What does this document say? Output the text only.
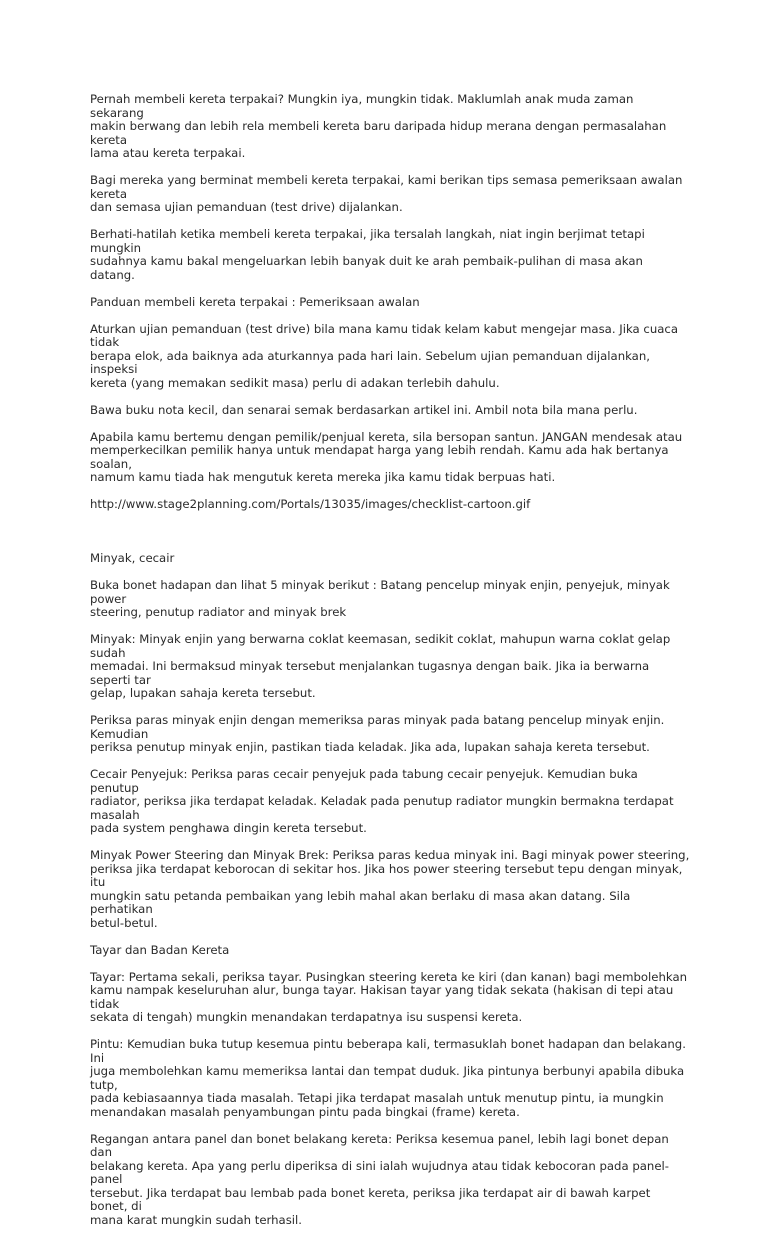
Pernah membeli kereta terpakai? Mungkin iya, mungkin tidak. Maklumlah anak muda zaman sekarang
makin berwang dan lebih rela membeli kereta baru daripada hidup merana dengan permasalahan kereta
lama atau kereta terpakai.

Bagi mereka yang berminat membeli kereta terpakai, kami berikan tips semasa pemeriksaan awalan kereta
dan semasa ujian pemanduan (test drive) dijalankan.

Berhati-hatilah ketika membeli kereta terpakai, jika tersalah langkah, niat ingin berjimat tetapi mungkin
sudahnya kamu bakal mengeluarkan lebih banyak duit ke arah pembaik-pulihan di masa akan datang.

Panduan membeli kereta terpakai : Pemeriksaan awalan

Aturkan ujian pemanduan (test drive) bila mana kamu tidak kelam kabut mengejar masa. Jika cuaca tidak
berapa elok, ada baiknya ada aturkannya pada hari lain. Sebelum ujian pemanduan dijalankan, inspeksi
kereta (yang memakan sedikit masa) perlu di adakan terlebih dahulu.

Bawa buku nota kecil, dan senarai semak berdasarkan artikel ini. Ambil nota bila mana perlu.

Apabila kamu bertemu dengan pemilik/penjual kereta, sila bersopan santun. JANGAN mendesak atau
memperkecilkan pemilik hanya untuk mendapat harga yang lebih rendah. Kamu ada hak bertanya soalan,
namum kamu tiada hak mengutuk kereta mereka jika kamu tidak berpuas hati.

http://www.stage2planning.com/Portals/13035/images/checklist-cartoon.gif

Minyak, cecair

Buka bonet hadapan dan lihat 5 minyak berikut : Batang pencelup minyak enjin, penyejuk, minyak power
steering, penutup radiator and minyak brek

Minyak: Minyak enjin yang berwarna coklat keemasan, sedikit coklat, mahupun warna coklat gelap sudah
memadai. Ini bermaksud minyak tersebut menjalankan tugasnya dengan baik. Jika ia berwarna seperti tar
gelap, lupakan sahaja kereta tersebut.

Periksa paras minyak enjin dengan memeriksa paras minyak pada batang pencelup minyak enjin. Kemudian
periksa penutup minyak enjin, pastikan tiada keladak. Jika ada, lupakan sahaja kereta tersebut.

Cecair Penyejuk: Periksa paras cecair penyejuk pada tabung cecair penyejuk. Kemudian buka penutup
radiator, periksa jika terdapat keladak. Keladak pada penutup radiator mungkin bermakna terdapat masalah
pada system penghawa dingin kereta tersebut.

Minyak Power Steering dan Minyak Brek: Periksa paras kedua minyak ini. Bagi minyak power steering,
periksa jika terdapat keborocan di sekitar hos. Jika hos power steering tersebut tepu dengan minyak, itu
mungkin satu petanda pembaikan yang lebih mahal akan berlaku di masa akan datang. Sila perhatikan
betul-betul.

Tayar dan Badan Kereta

Tayar: Pertama sekali, periksa tayar. Pusingkan steering kereta ke kiri (dan kanan) bagi membolehkan
kamu nampak keseluruhan alur, bunga tayar. Hakisan tayar yang tidak sekata (hakisan di tepi atau tidak
sekata di tengah) mungkin menandakan terdapatnya isu suspensi kereta.

Pintu: Kemudian buka tutup kesemua pintu beberapa kali, termasuklah bonet hadapan dan belakang. Ini
juga membolehkan kamu memeriksa lantai dan tempat duduk. Jika pintunya berbunyi apabila dibuka tutp,
pada kebiasaannya tiada masalah. Tetapi jika terdapat masalah untuk menutup pintu, ia mungkin
menandakan masalah penyambungan pintu pada bingkai (frame) kereta.

Regangan antara panel dan bonet belakang kereta: Periksa kesemua panel, lebih lagi bonet depan dan
belakang kereta. Apa yang perlu diperiksa di sini ialah wujudnya atau tidak kebocoran pada panel-panel
tersebut. Jika terdapat bau lembab pada bonet kereta, periksa jika terdapat air di bawah karpet bonet, di
mana karat mungkin sudah terhasil.
